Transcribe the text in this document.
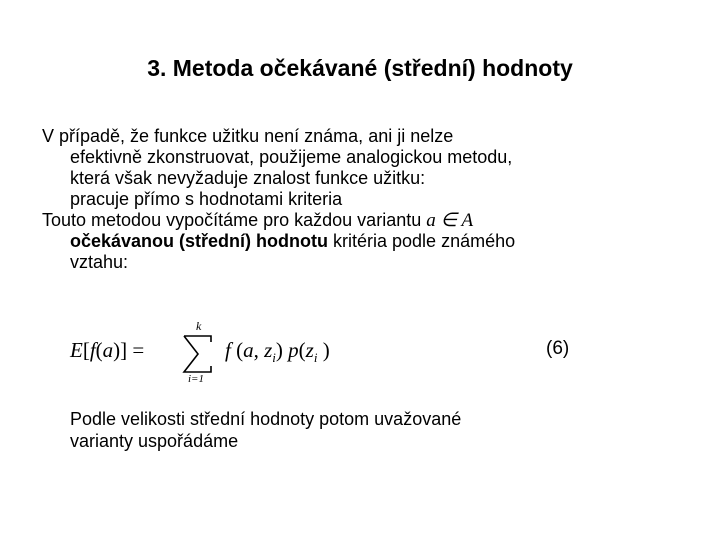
3. Metoda očekávané (střední) hodnoty
V případě, že funkce užitku není známa, ani ji nelze
efektivně zkonstruovat, použijeme analogickou metodu,
která však nevyžaduje znalost funkce užitku:
pracuje přímo s hodnotami kriteria
Touto metodou vypočítáme pro každou variantu a ∈ A
očekávanou (střední) hodnotu kritéria podle známého
vztahu:
E[f(a)] =
k
i=1
f (a, $z_i$) $p(z_i$ )	(6)
Podle velikosti střední hodnoty potom uvažované
varianty uspořádáme
